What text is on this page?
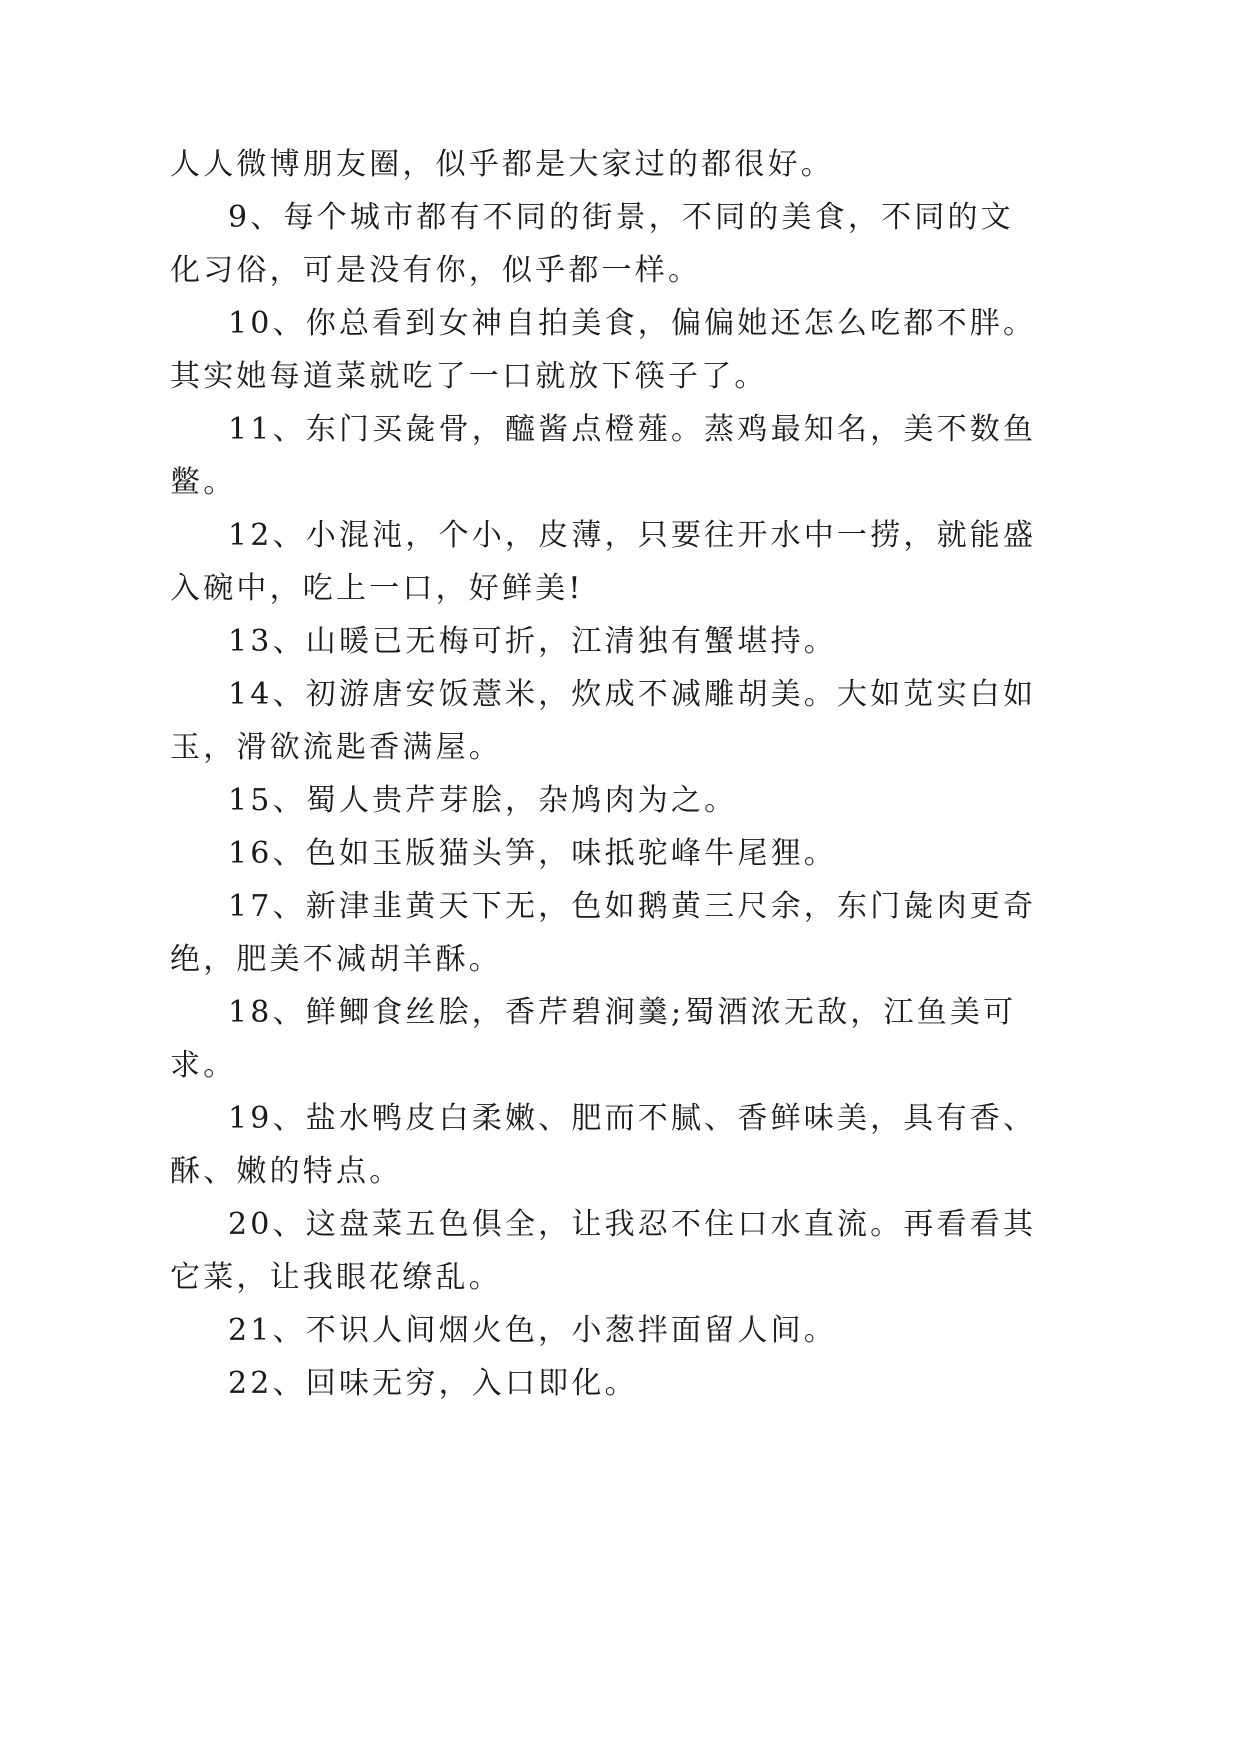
人人微博朋友圈，似乎都是大家过的都很好。

9、每个城市都有不同的街景，不同的美食，不同的文

化习俗，可是没有你，似乎都一样。

10、你总看到女神自拍美食，偏偏她还怎么吃都不胖。

其实她每道菜就吃了一口就放下筷子了。

11、东门买彘骨，醯酱点橙薤。蒸鸡最知名，美不数鱼

鳖。

12、小混沌，个小，皮薄，只要往开水中一捞，就能盛

入碗中，吃上一口，好鲜美!

13、山暖已无梅可折，江清独有蟹堪持。

14、初游唐安饭薏米，炊成不减雕胡美。大如苋实白如

玉，滑欲流匙香满屋。

15、蜀人贵芹芽脍，杂鸠肉为之。

16、色如玉版猫头笋，味抵驼峰牛尾狸。

17、新津韭黄天下无，色如鹅黄三尺余，东门彘肉更奇

绝，肥美不减胡羊酥。

18、鲜鲫食丝脍，香芹碧涧羹;蜀酒浓无敌，江鱼美可

求。

19、盐水鸭皮白柔嫩、肥而不腻、香鲜味美，具有香、

酥、嫩的特点。

20、这盘菜五色俱全，让我忍不住口水直流。再看看其

它菜，让我眼花缭乱。

21、不识人间烟火色，小葱拌面留人间。

22、回味无穷，入口即化。
